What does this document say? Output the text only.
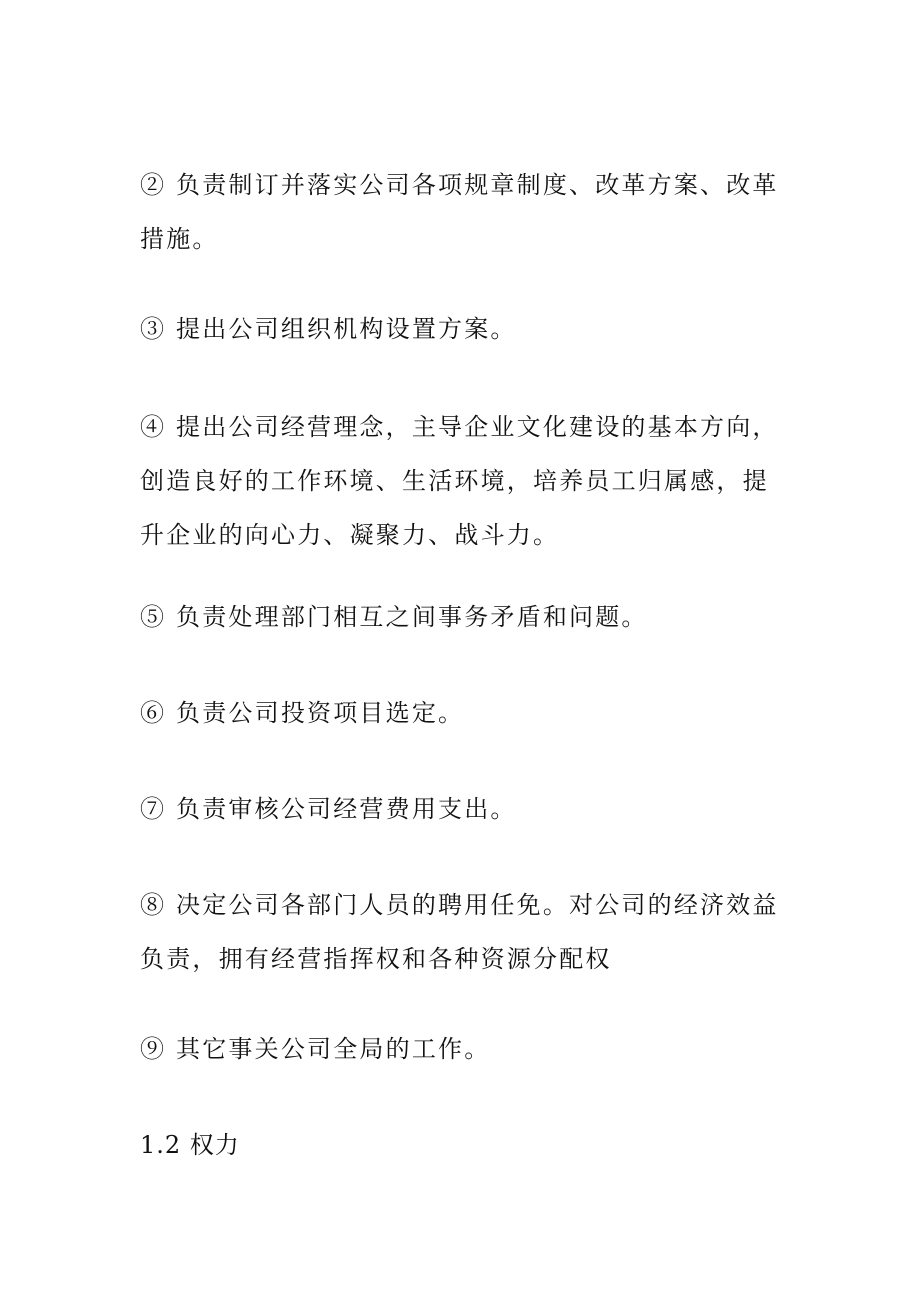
② 负责制订并落实公司各项规章制度、改革方案、改革措施。

③ 提出公司组织机构设置方案。

④ 提出公司经营理念，主导企业文化建设的基本方向，创造良好的工作环境、生活环境，培养员工归属感，提升企业的向心力、凝聚力、战斗力。

⑤ 负责处理部门相互之间事务矛盾和问题。

⑥ 负责公司投资项目选定。

⑦ 负责审核公司经营费用支出。

⑧ 决定公司各部门人员的聘用任免。对公司的经济效益负责，拥有经营指挥权和各种资源分配权

⑨ 其它事关公司全局的工作。

1.2 权力
